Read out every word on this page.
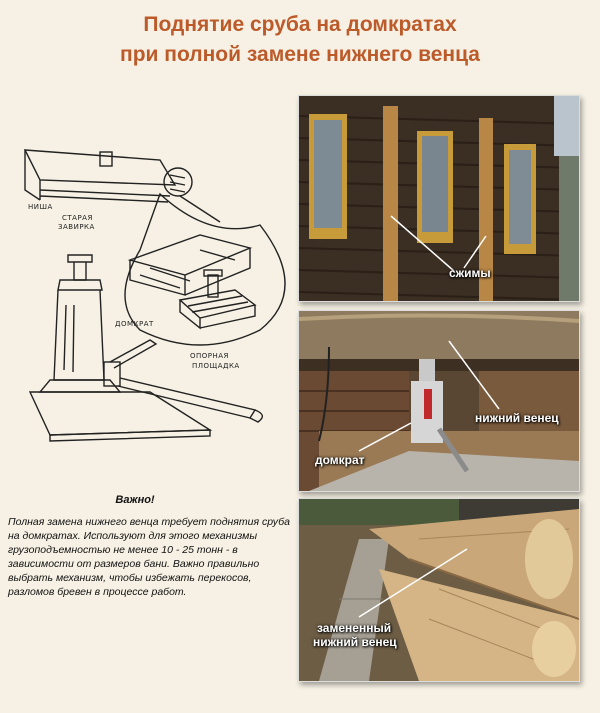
Поднятие сруба на домкратах
при полной замене нижнего венца
НИША
СТАРАЯ
ЗАВИРКА
ДОМКРАТ
ОПОРНАЯ
ПЛОЩАДКА
сжимы
нижний венец
домкрат
замененный
нижний венец
Важно!
Полная замена нижнего венца требует поднятия сруба на домкратах. Используют для этого механизмы грузоподъемностью не менее 10 - 25 тонн - в зависимости от размеров бани. Важно правильно выбрать механизм, чтобы избежать перекосов, разломов бревен в процессе работ.
